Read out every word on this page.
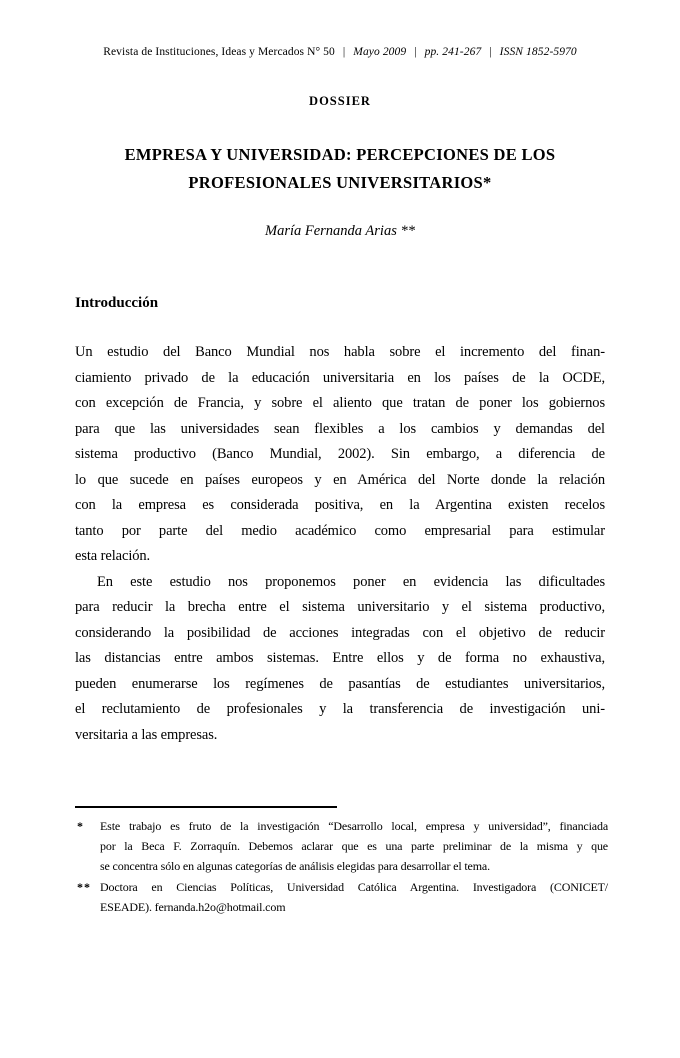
Revista de Instituciones, Ideas y Mercados N° 50 | Mayo 2009 | pp. 241-267 | ISSN 1852-5970
DOSSIER
EMPRESA Y UNIVERSIDAD: PERCEPCIONES DE LOS
PROFESIONALES UNIVERSITARIOS*
María Fernanda Arias **
Introducción
Un estudio del Banco Mundial nos habla sobre el incremento del finan-
ciamiento privado de la educación universitaria en los países de la OCDE,
con excepción de Francia, y sobre el aliento que tratan de poner los gobiernos
para que las universidades sean flexibles a los cambios y demandas del
sistema productivo (Banco Mundial, 2002). Sin embargo, a diferencia de
lo que sucede en países europeos y en América del Norte donde la relación
con la empresa es considerada positiva, en la Argentina existen recelos
tanto por parte del medio académico como empresarial para estimular
esta relación.
En este estudio nos proponemos poner en evidencia las dificultades
para reducir la brecha entre el sistema universitario y el sistema productivo,
considerando la posibilidad de acciones integradas con el objetivo de reducir
las distancias entre ambos sistemas. Entre ellos y de forma no exhaustiva,
pueden enumerarse los regímenes de pasantías de estudiantes universitarios,
el reclutamiento de profesionales y la transferencia de investigación uni-
versitaria a las empresas.
* Este trabajo es fruto de la investigación “Desarrollo local, empresa y universidad”, financiada
por la Beca F. Zorraquín. Debemos aclarar que es una parte preliminar de la misma y que
se concentra sólo en algunas categorías de análisis elegidas para desarrollar el tema.
** Doctora en Ciencias Políticas, Universidad Católica Argentina. Investigadora (CONICET/
ESEADE). fernanda.h2o@hotmail.com
